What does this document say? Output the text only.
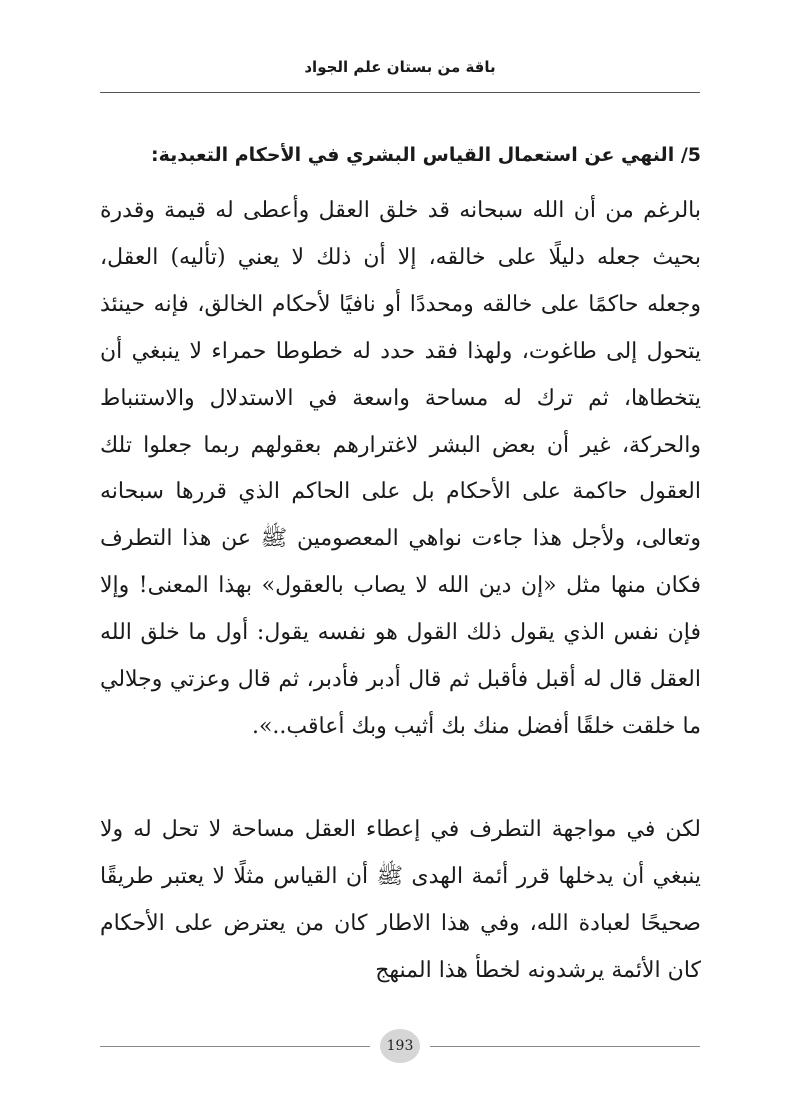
باقة من بستان علم الجواد
5/ النهي عن استعمال القياس البشري في الأحكام التعبدية:

بالرغم من أن الله سبحانه قد خلق العقل وأعطى له قيمة وقدرة بحيث جعله دليلًا على خالقه، إلا أن ذلك لا يعني (تأليه) العقل، وجعله حاكمًا على خالقه ومحددًا أو نافيًا لأحكام الخالق، فإنه حينئذ يتحول إلى طاغوت، ولهذا فقد حدد له خطوطا حمراء لا ينبغي أن يتخطاها، ثم ترك له مساحة واسعة في الاستدلال والاستنباط والحركة، غير أن بعض البشر لاغترارهم بعقولهم ربما جعلوا تلك العقول حاكمة على الأحكام بل على الحاكم الذي قررها سبحانه وتعالى، ولأجل هذا جاءت نواهي المعصومين ﷺ عن هذا التطرف فكان منها مثل «إن دين الله لا يصاب بالعقول» بهذا المعنى! وإلا فإن نفس الذي يقول ذلك القول هو نفسه يقول: أول ما خلق الله العقل قال له أقبل فأقبل ثم قال أدبر فأدبر، ثم قال وعزتي وجلالي ما خلقت خلقًا أفضل منك بك أثيب وبك أعاقب..».

لكن في مواجهة التطرف في إعطاء العقل مساحة لا تحل له ولا ينبغي أن يدخلها قرر أئمة الهدى ﷺ أن القياس مثلًا لا يعتبر طريقًا صحيحًا لعبادة الله، وفي هذا الاطار كان من يعترض على الأحكام كان الأئمة يرشدونه لخطأ هذا المنهج

193
